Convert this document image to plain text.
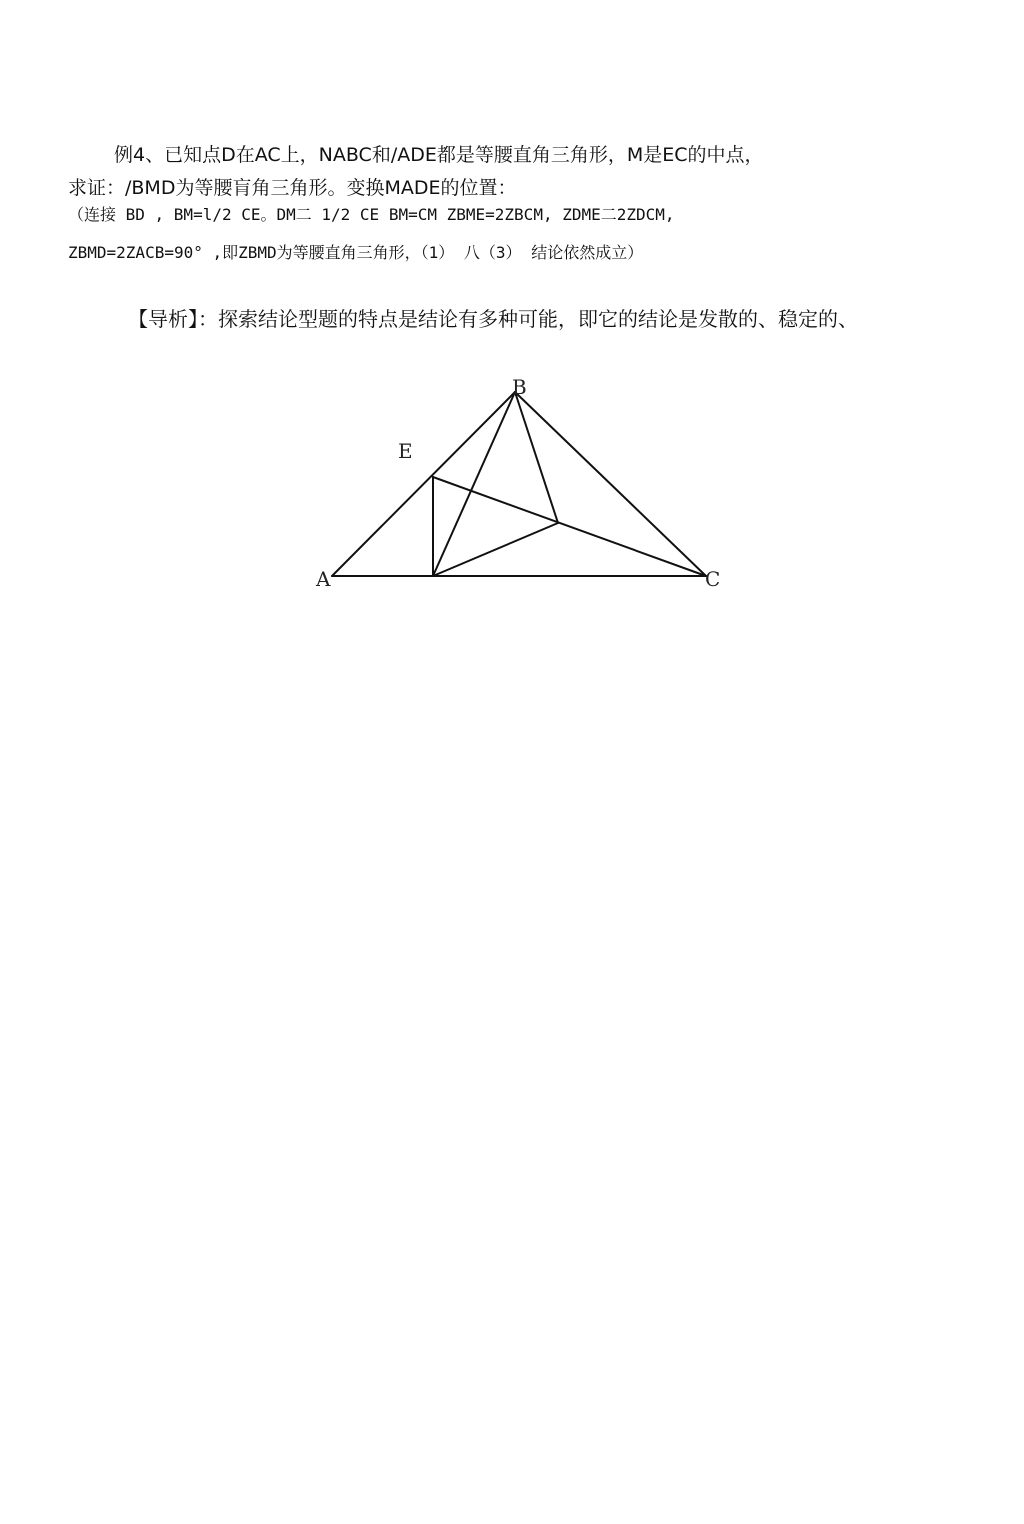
例4、已知点D在AC上，NABC和/ADE都是等腰直角三角形，M是EC的中点，
求证：/BMD为等腰肓角三角形。变换MADE的位置：
（连接 BD , BM=l/2 CE。DM二 1/2 CE BM=CM ZBME=2ZBCM, ZDME二2ZDCM,
ZBMD=2ZACB=90° ,即ZBMD为等腰直角三角形，（1） 八（3） 结论依然成立）
【导析】：探索结论型题的特点是结论有多种可能，即它的结论是发散的、稳定的、
A
B
C
E
